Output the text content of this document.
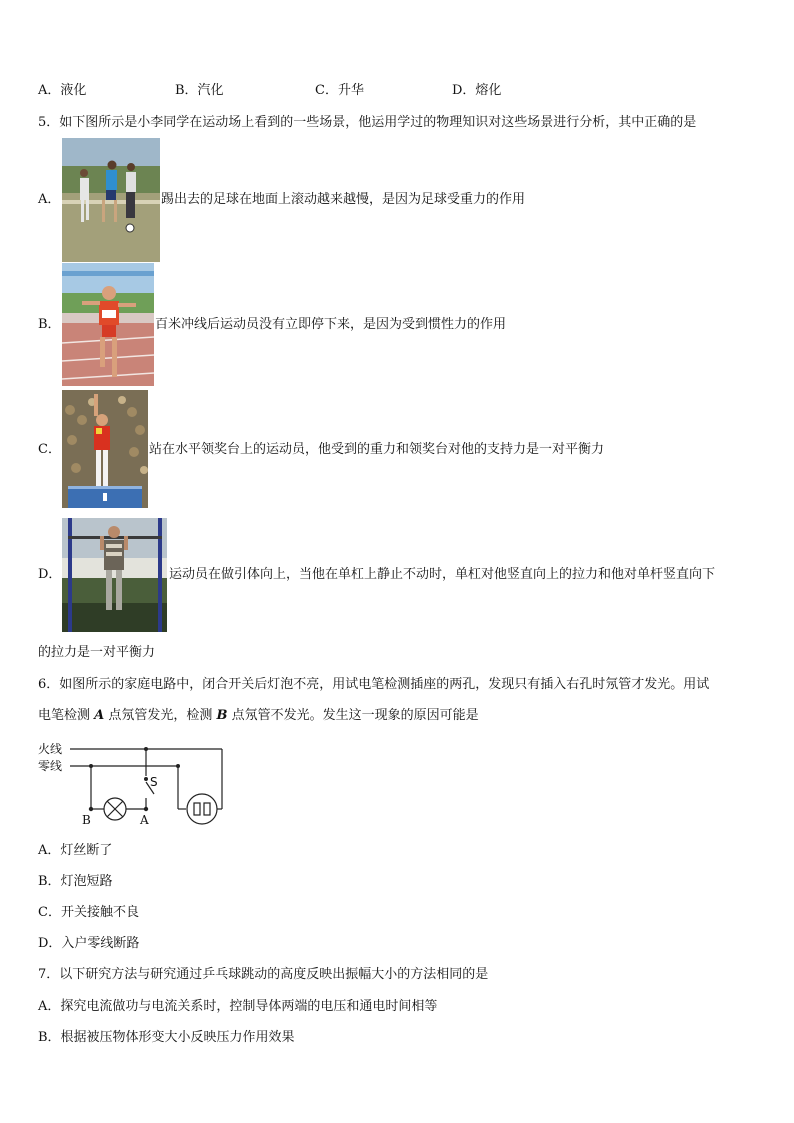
A．液化	B．汽化	C．升华	D．熔化
5．如下图所示是小李同学在运动场上看到的一些场景，他运用学过的物理知识对这些场景进行分析，其中正确的是
A．	踢出去的足球在地面上滚动越来越慢，是因为足球受重力的作用
B．	百米冲线后运动员没有立即停下来，是因为受到惯性力的作用
C．	站在水平领奖台上的运动员，他受到的重力和领奖台对他的支持力是一对平衡力
D．	运动员在做引体向上，当他在单杠上静止不动时，单杠对他竖直向上的拉力和他对单杆竖直向下
的拉力是一对平衡力
6．如图所示的家庭电路中，闭合开关后灯泡不亮，用试电笔检测插座的两孔，发现只有插入右孔时氖管才发光。用试
电笔检测 A 点氖管发光，检测 B 点氖管不发光。发生这一现象的原因可能是
火线
零线
S
B	A
A．灯丝断了
B．灯泡短路
C．开关接触不良
D．入户零线断路
7．以下研究方法与研究通过乒乓球跳动的高度反映出振幅大小的方法相同的是
A．探究电流做功与电流关系时，控制导体两端的电压和通电时间相等
B．根据被压物体形变大小反映压力作用效果
